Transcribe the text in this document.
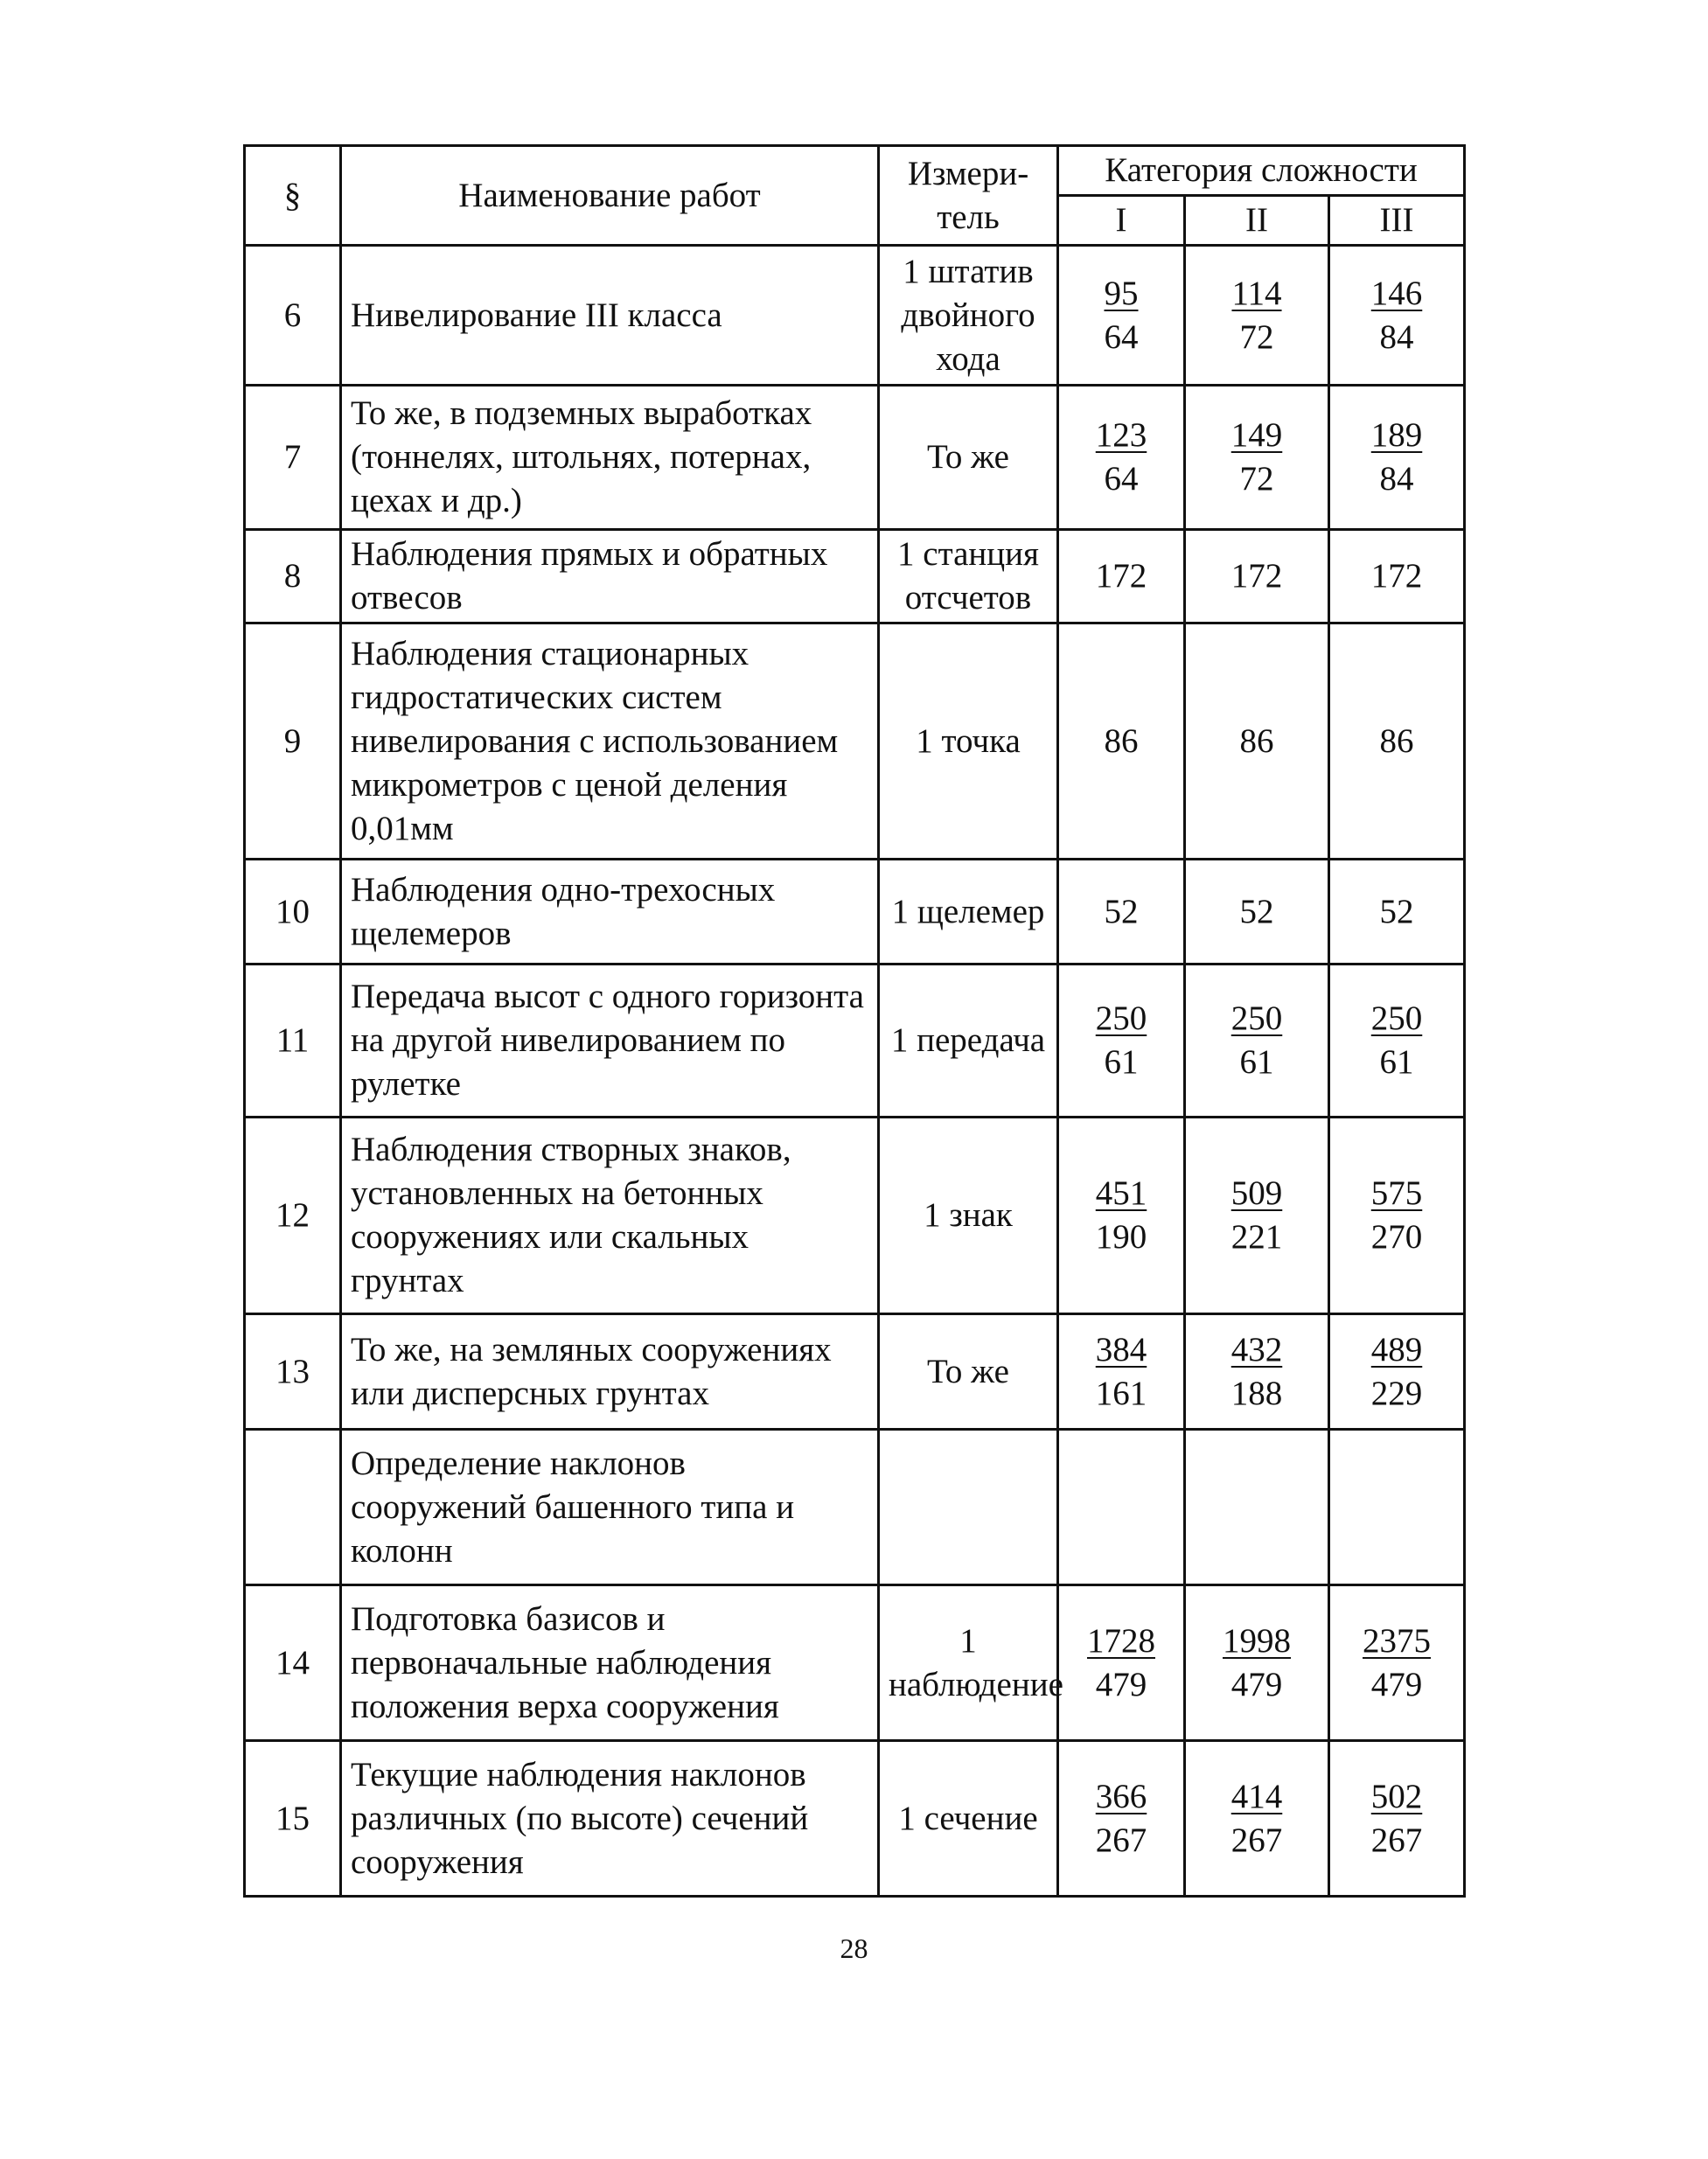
§	Наименование работ	Измери-тель	Категория сложности		
			I	II	III
6	Нивелирование III класса	1 штатив двойного хода	$\frac{95}{64}$	$\frac{114}{72}$	$\frac{146}{84}$

7	То же, в подземных выработках (тоннелях, штольнях, потернах, цехах и др.)	То же	$\frac{123}{64}$	$\frac{149}{72}$	$\frac{189}{84}$

8	Наблюдения прямых и обратных отвесов	1 станция отсчетов	172	172	172
9	Наблюдения стационарных гидростатических систем нивелирования с использованием микрометров с ценой деления 0,01мм	1 точка	86	86	86
10	Наблюдения одно-трехосных щелемеров	1 щелемер	52	52	52
11	Передача высот с одного горизонта на другой нивелированием по рулетке	1 передача	$\frac{250}{61}$	$\frac{250}{61}$	$\frac{250}{61}$

12	Наблюдения створных знаков, установленных на бетонных сооружениях или скальных грунтах	1 знак	$\frac{451}{190}$	$\frac{509}{221}$	$\frac{575}{270}$

13	То же, на земляных сооружениях или дисперсных грунтах	То же	$\frac{384}{161}$	$\frac{432}{188}$	$\frac{489}{229}$

	Определение наклонов сооружений башенного типа и колонн				
14	Подготовка базисов и первоначальные наблюдения положения верха сооружения	1 наблюдение	$\frac{1728}{479}$	$\frac{1998}{479}$	$\frac{2375}{479}$

15	Текущие наблюдения наклонов различных (по высоте) сечений сооружения	1 сечение	$\frac{366}{267}$	$\frac{414}{267}$	$\frac{502}{267}$
28
